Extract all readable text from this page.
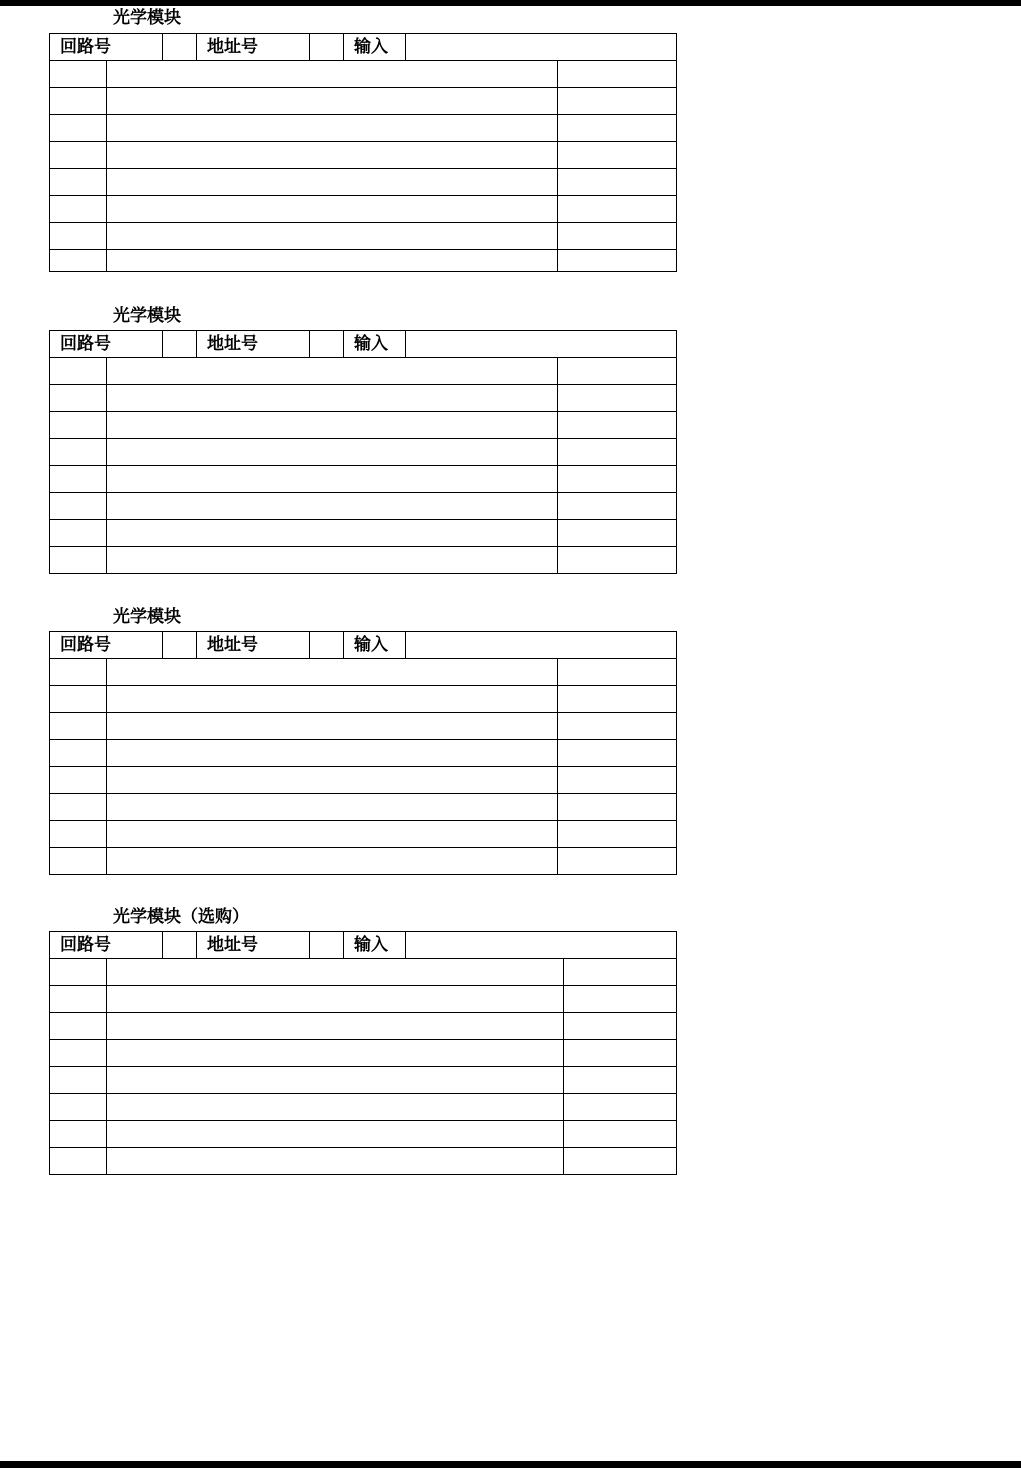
光学模块
回路号		地址号		输入	

光学模块
回路号		地址号		输入	

光学模块
回路号		地址号		输入	

光学模块（选购）
回路号		地址号		输入	
